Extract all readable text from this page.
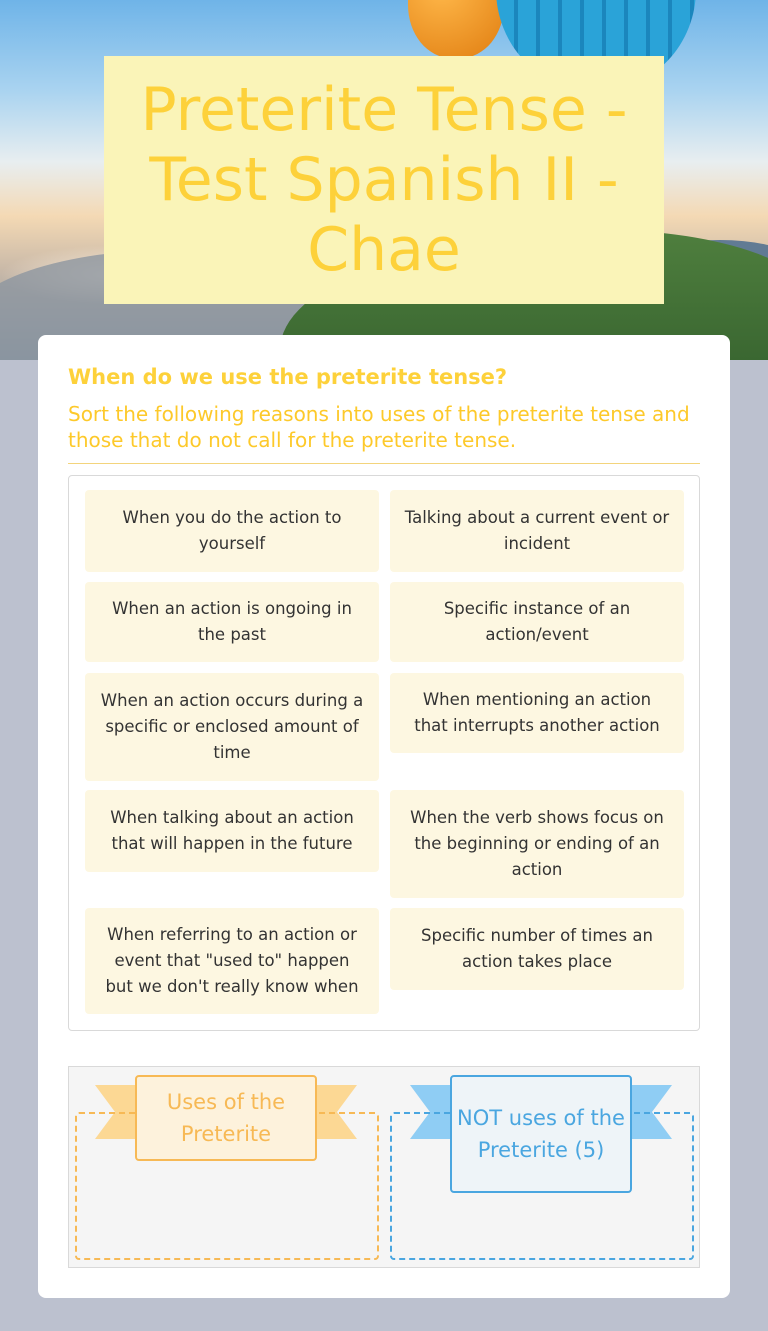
Preterite Tense - Test Spanish II - Chae
When do we use the preterite tense?
Sort the following reasons into uses of the preterite tense and those that do not call for the preterite tense.
When you do the action to yourself
Talking about a current event or incident
When an action is ongoing in the past
Specific instance of an action/event
When an action occurs during a specific or enclosed amount of time
When mentioning an action that interrupts another action
When talking about an action that will happen in the future
When the verb shows focus on the beginning or ending of an action
When referring to an action or event that "used to" happen but we don't really know when
Specific number of times an action takes place
Uses of the Preterite
NOT uses of the Preterite (5)
